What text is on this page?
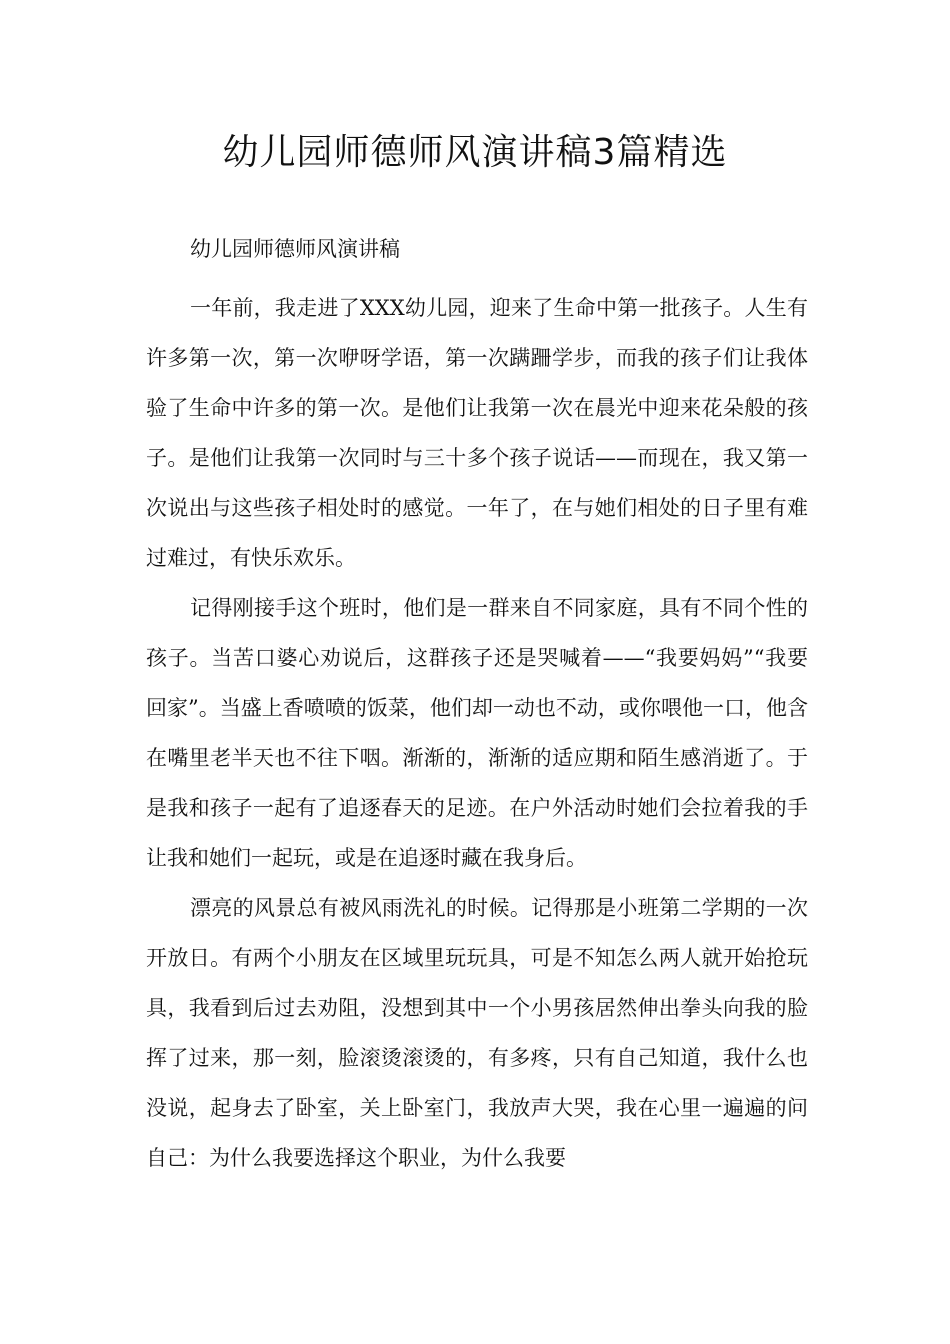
幼儿园师德师风演讲稿3篇精选

幼儿园师德师风演讲稿

一年前，我走进了XXX幼儿园，迎来了生命中第一批孩子。人生有许多第一次，第一次咿呀学语，第一次蹒跚学步，而我的孩子们让我体验了生命中许多的第一次。是他们让我第一次在晨光中迎来花朵般的孩子。是他们让我第一次同时与三十多个孩子说话——而现在，我又第一次说出与这些孩子相处时的感觉。一年了，在与她们相处的日子里有难过难过，有快乐欢乐。

记得刚接手这个班时，他们是一群来自不同家庭，具有不同个性的孩子。当苦口婆心劝说后，这群孩子还是哭喊着——“我要妈妈”“我要回家”。当盛上香喷喷的饭菜，他们却一动也不动，或你喂他一口，他含在嘴里老半天也不往下咽。渐渐的，渐渐的适应期和陌生感消逝了。于是我和孩子一起有了追逐春天的足迹。在户外活动时她们会拉着我的手让我和她们一起玩，或是在追逐时藏在我身后。

漂亮的风景总有被风雨洗礼的时候。记得那是小班第二学期的一次开放日。有两个小朋友在区域里玩玩具，可是不知怎么两人就开始抢玩具，我看到后过去劝阻，没想到其中一个小男孩居然伸出拳头向我的脸挥了过来，那一刻，脸滚烫滚烫的，有多疼，只有自己知道，我什么也没说，起身去了卧室，关上卧室门，我放声大哭，我在心里一遍遍的问自己：为什么我要选择这个职业，为什么我要
